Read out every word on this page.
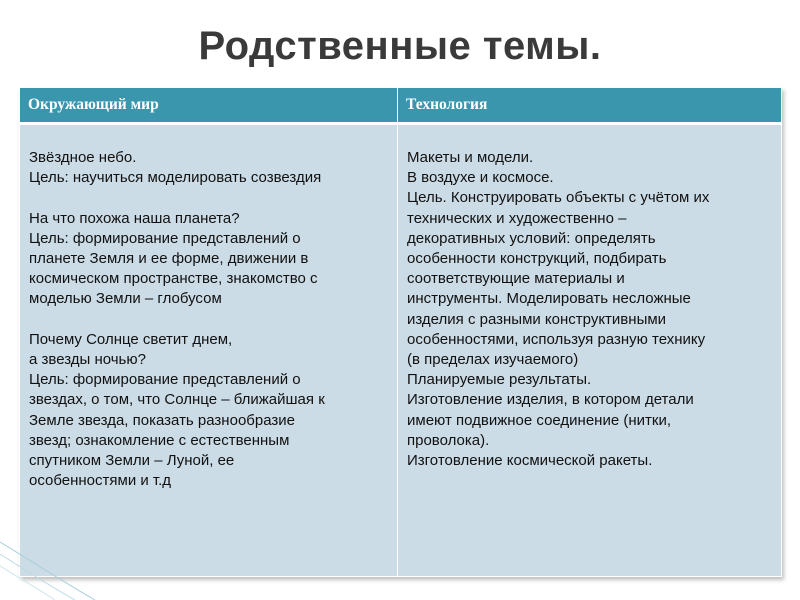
Родственные темы.
Окружающий мир	Технология
Звёздное небо.
Цель: научиться моделировать созвездия
На что похожа наша планета?
Цель: формирование представлений о
планете Земля и ее форме, движении в
космическом пространстве, знакомство с
моделью Земли – глобусом
Почему Солнце светит днем,
а звезды ночью?
Цель: формирование представлений о
звездах, о том, что Солнце – ближайшая к
Земле звезда, показать разнообразие
звезд; ознакомление с естественным
спутником Земли – Луной, ее
особенностями и т.д
Макеты и модели.
В воздухе и космосе.
Цель. Конструировать объекты с учётом их
технических и художественно –
декоративных условий: определять
особенности конструкций, подбирать
соответствующие материалы и
инструменты. Моделировать несложные
изделия с разными конструктивными
особенностями, используя разную технику
(в пределах изучаемого)
Планируемые результаты.
Изготовление изделия, в котором детали
имеют подвижное соединение (нитки,
проволока).
Изготовление космической ракеты.
